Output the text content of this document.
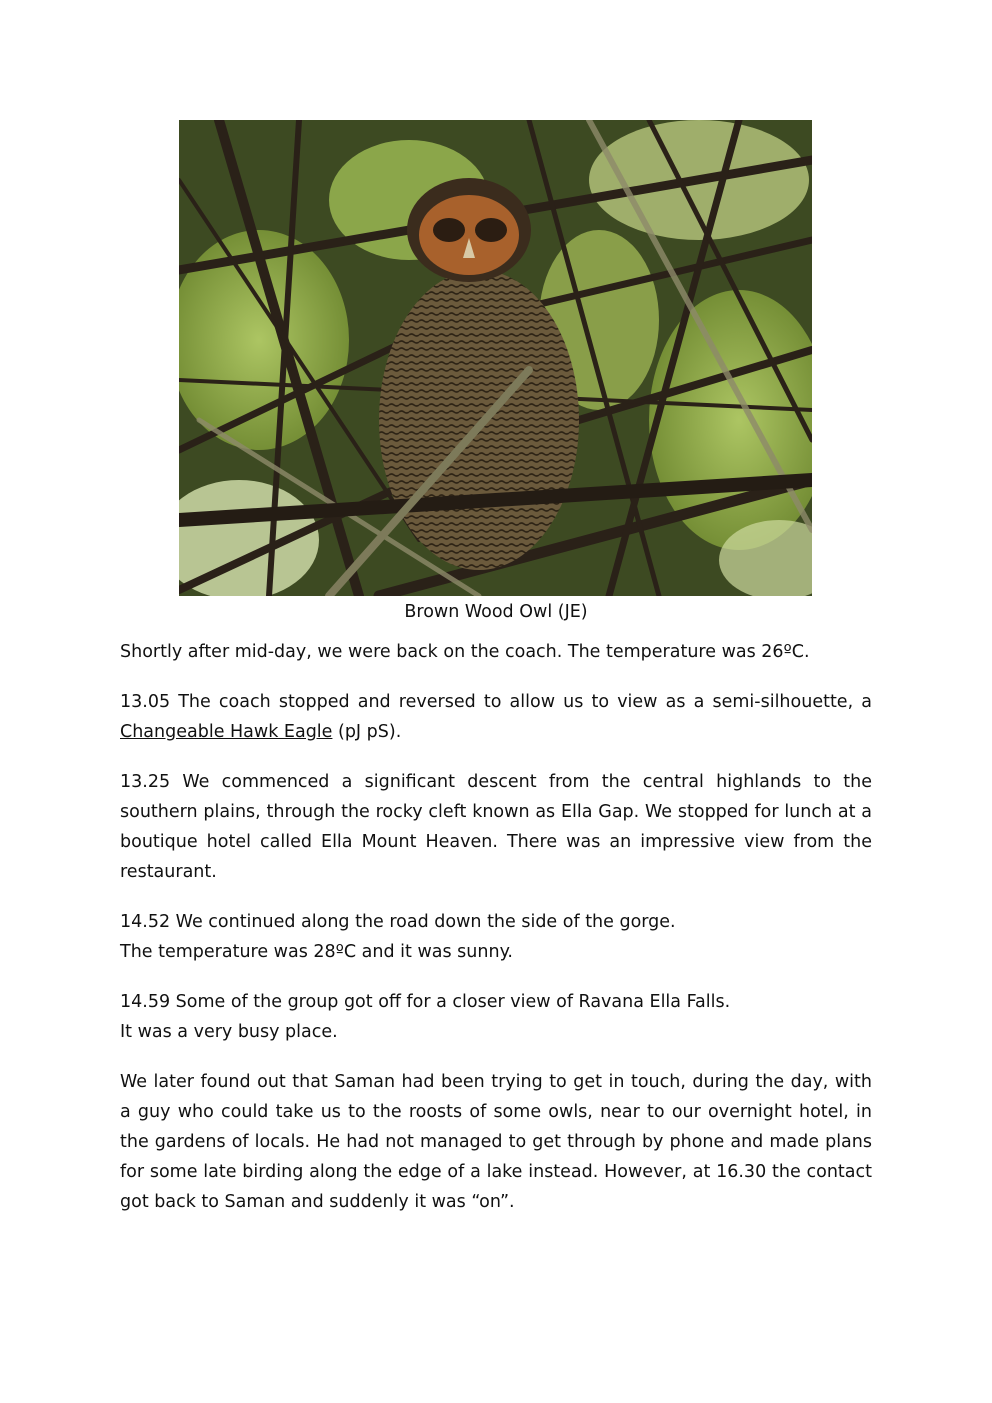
Brown Wood Owl (JE)

Shortly after mid-day, we were back on the coach. The temperature was 26ºC.

13.05 The coach stopped and reversed to allow us to view as a semi-silhouette, a Changeable Hawk Eagle (pJ pS).

13.25 We commenced a significant descent from the central highlands to the southern plains, through the rocky cleft known as Ella Gap. We stopped for lunch at a boutique hotel called Ella Mount Heaven. There was an impressive view from the restaurant.

14.52 We continued along the road down the side of the gorge.
The temperature was 28ºC and it was sunny.

14.59 Some of the group got off for a closer view of Ravana Ella Falls.
It was a very busy place.

We later found out that Saman had been trying to get in touch, during the day, with a guy who could take us to the roosts of some owls, near to our overnight hotel, in the gardens of locals. He had not managed to get through by phone and made plans for some late birding along the edge of a lake instead. However, at 16.30 the contact got back to Saman and suddenly it was “on”.
